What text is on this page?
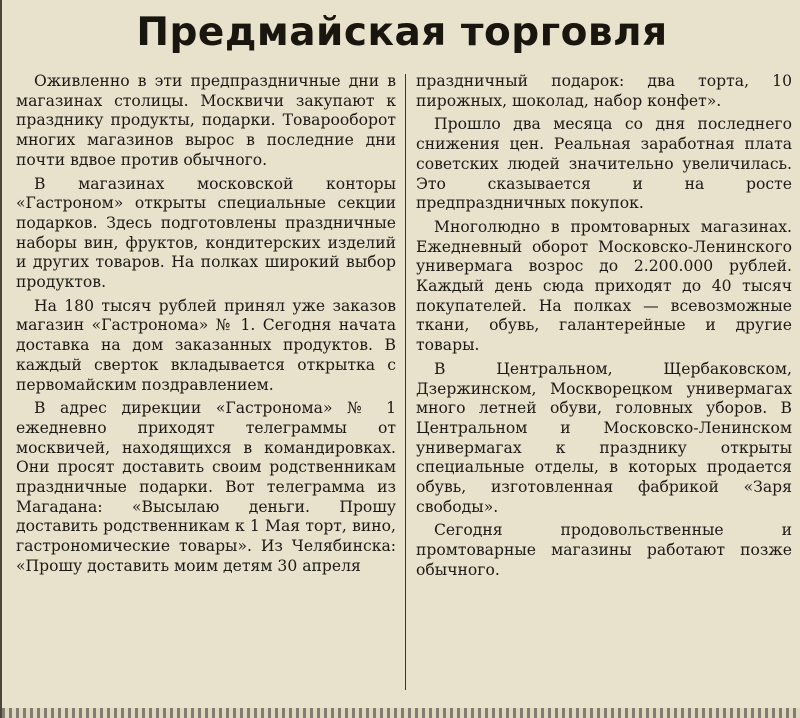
Предмайская торговля

Оживленно в эти предпраздничные дни в магазинах столицы. Москвичи закупают к празднику продукты, подарки. Товарооборот многих магазинов вырос в последние дни почти вдвое против обычного.

В магазинах московской конторы «Гастроном» открыты специальные секции подарков. Здесь подготовлены праздничные наборы вин, фруктов, кондитерских изделий и других товаров. На полках широкий выбор продуктов.

На 180 тысяч рублей принял уже заказов магазин «Гастронома» № 1. Сегодня начата доставка на дом заказанных продуктов. В каждый сверток вкладывается открытка с первомайским поздравлением.

В адрес дирекции «Гастронома» № 1 ежедневно приходят телеграммы от москвичей, находящихся в командировках. Они просят доставить своим родственникам праздничные подарки. Вот телеграмма из Магадана: «Высылаю деньги. Прошу доставить родственникам к 1 Мая торт, вино, гастрономические товары». Из Челябинска: «Прошу доставить моим детям 30 апреля

праздничный подарок: два торта, 10 пирожных, шоколад, набор конфет».

Прошло два месяца со дня последнего снижения цен. Реальная заработная плата советских людей значительно увеличилась. Это сказывается и на росте предпраздничных покупок.

Многолюдно в промтоварных магазинах. Ежедневный оборот Московско-Ленинского универмага возрос до 2.200.000 рублей. Каждый день сюда приходят до 40 тысяч покупателей. На полках — всевозможные ткани, обувь, галантерейные и другие товары.

В Центральном, Щербаковском, Дзержинском, Москворецком универмагах много летней обуви, головных уборов. В Центральном и Московско-Ленинском универмагах к празднику открыты специальные отделы, в которых продается обувь, изготовленная фабрикой «Заря свободы».

Сегодня продовольственные и промтоварные магазины работают позже обычного.
